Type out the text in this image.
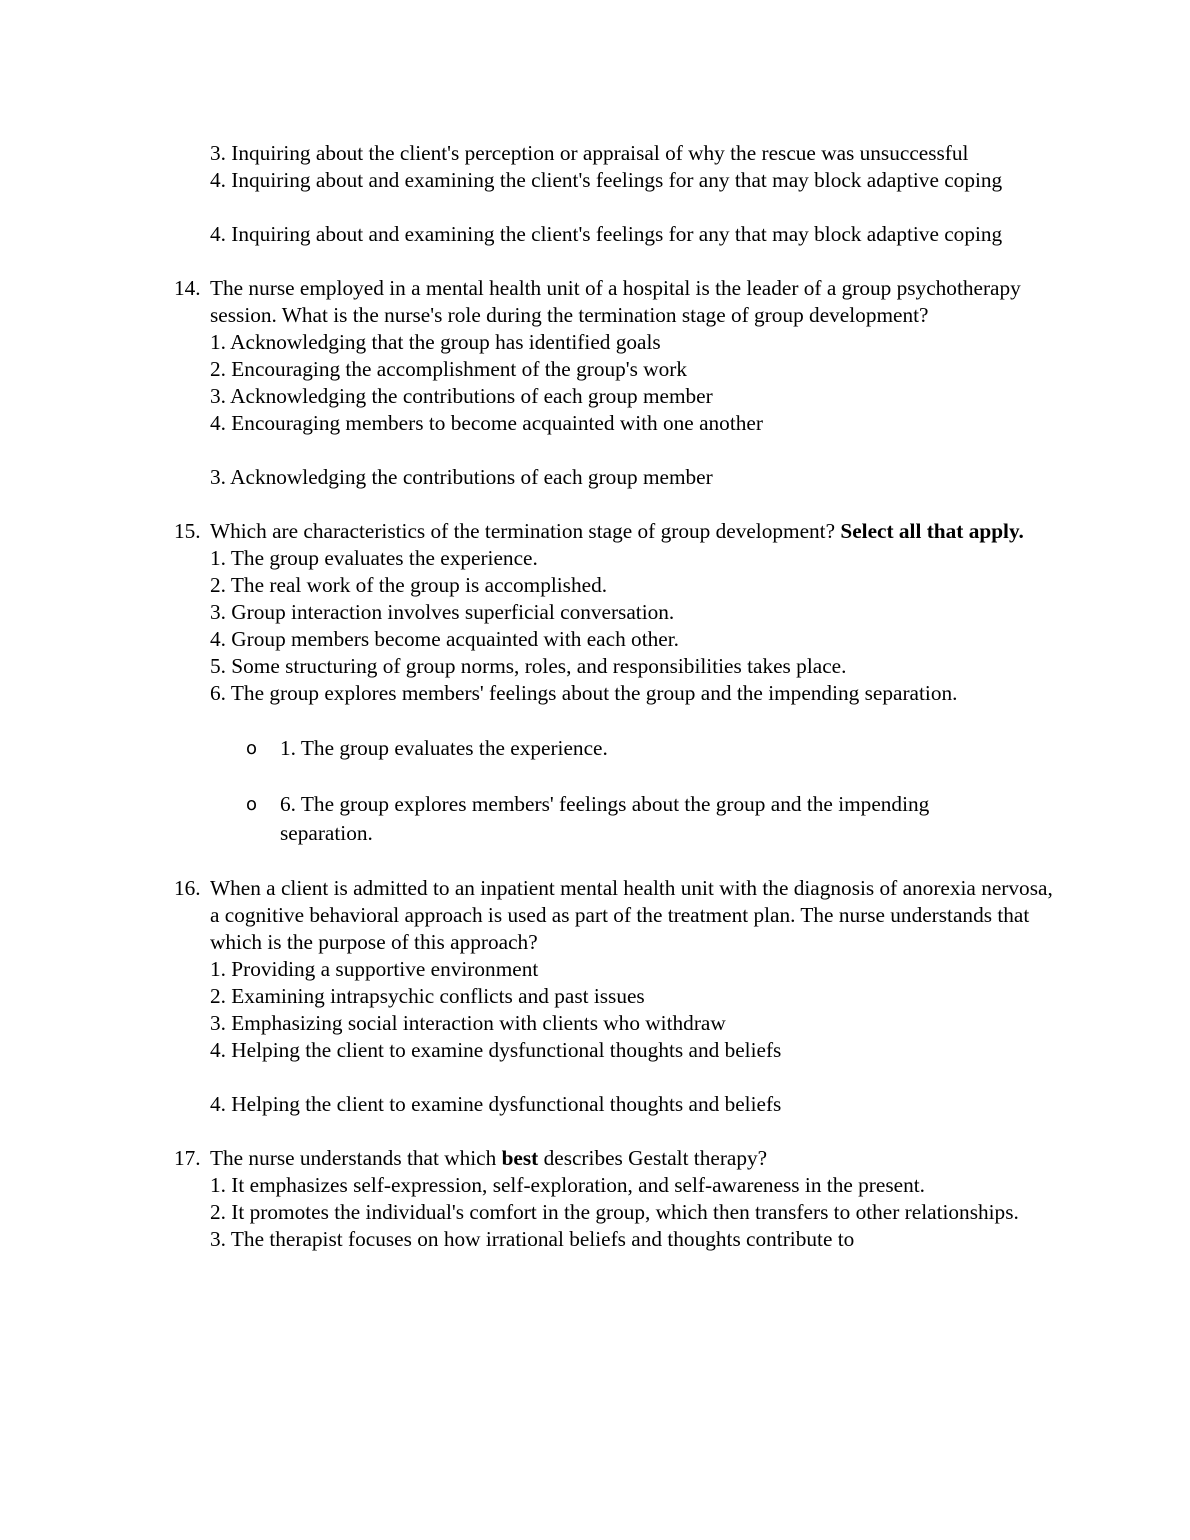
3. Inquiring about the client's perception or appraisal of why the rescue was unsuccessful
4. Inquiring about and examining the client's feelings for any that may block adaptive coping
4. Inquiring about and examining the client's feelings for any that may block adaptive coping
14. The nurse employed in a mental health unit of a hospital is the leader of a group psychotherapy session. What is the nurse's role during the termination stage of group development?
1. Acknowledging that the group has identified goals
2. Encouraging the accomplishment of the group's work
3. Acknowledging the contributions of each group member
4. Encouraging members to become acquainted with one another
3. Acknowledging the contributions of each group member
15. Which are characteristics of the termination stage of group development? Select all that apply.
1. The group evaluates the experience.
2. The real work of the group is accomplished.
3. Group interaction involves superficial conversation.
4. Group members become acquainted with each other.
5. Some structuring of group norms, roles, and responsibilities takes place.
6. The group explores members' feelings about the group and the impending separation.
o 1. The group evaluates the experience.
o 6. The group explores members' feelings about the group and the impending separation.
16. When a client is admitted to an inpatient mental health unit with the diagnosis of anorexia nervosa, a cognitive behavioral approach is used as part of the treatment plan. The nurse understands that which is the purpose of this approach?
1. Providing a supportive environment
2. Examining intrapsychic conflicts and past issues
3. Emphasizing social interaction with clients who withdraw
4. Helping the client to examine dysfunctional thoughts and beliefs
4. Helping the client to examine dysfunctional thoughts and beliefs
17. The nurse understands that which best describes Gestalt therapy?
1. It emphasizes self-expression, self-exploration, and self-awareness in the present.
2. It promotes the individual's comfort in the group, which then transfers to other relationships.
3. The therapist focuses on how irrational beliefs and thoughts contribute to
